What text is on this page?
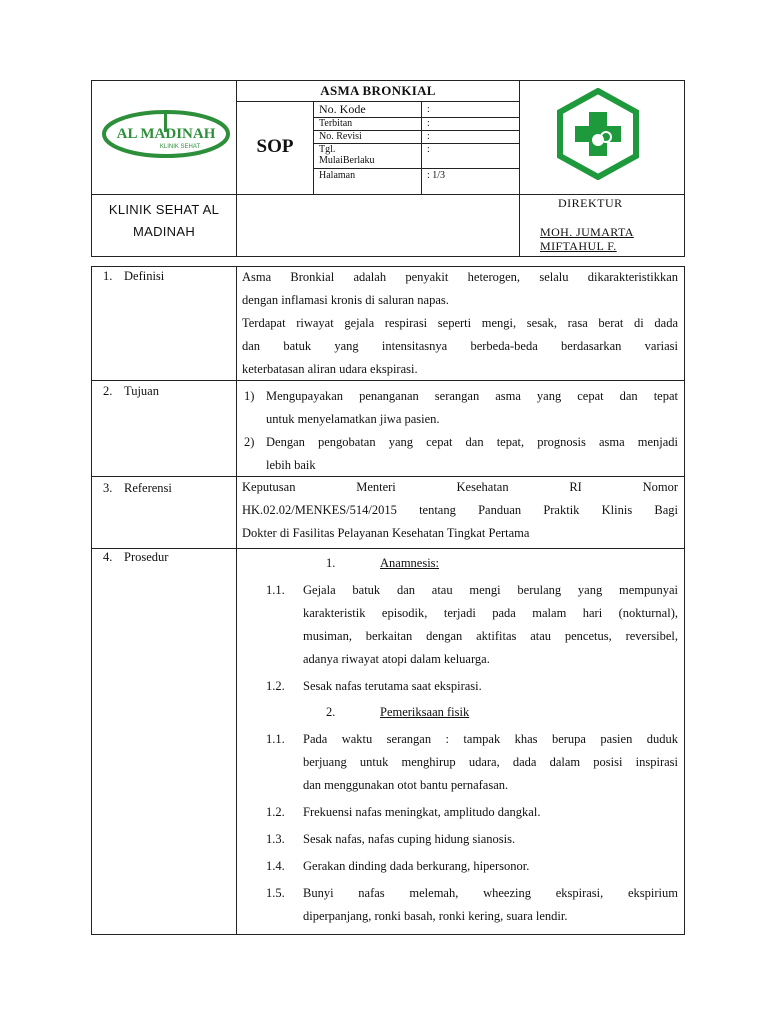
ASMA BRONKIAL
AL MADINAH
KLINIK SEHAT	SOP
No. Kode	:
Terbitan	:
No. Revisi	:
Tgl.	:
MulaiBerlaku
Halaman	: 1/3
KLINIK SEHAT AL
MADINAH
DIREKTUR
MOH. JUMARTA
MIFTAHUL F.
1. Definisi	Asma Bronkial adalah penyakit heterogen, selalu dikarakteristikkan
dengan inflamasi kronis di saluran napas.
Terdapat riwayat gejala respirasi seperti mengi, sesak, rasa berat di dada
dan batuk yang intensitasnya berbeda-beda berdasarkan variasi
keterbatasan aliran udara ekspirasi.
2. Tujuan	1) Mengupayakan penanganan serangan asma yang cepat dan tepat
untuk menyelamatkan jiwa pasien.
2) Dengan pengobatan yang cepat dan tepat, prognosis asma menjadi
lebih baik
3. Referensi	Keputusan Menteri Kesehatan RI Nomor
HK.02.02/MENKES/514/2015 tentang Panduan Praktik Klinis Bagi
Dokter di Fasilitas Pelayanan Kesehatan Tingkat Pertama
4. Prosedur	1.	Anamnesis:
1.1. Gejala batuk dan atau mengi berulang yang mempunyai
karakteristik episodik, terjadi pada malam hari (nokturnal),
musiman, berkaitan dengan aktifitas atau pencetus, reversibel,
adanya riwayat atopi dalam keluarga.
1.2. Sesak nafas terutama saat ekspirasi.
2.	Pemeriksaan fisik
1.1. Pada waktu serangan : tampak khas berupa pasien duduk
berjuang untuk menghirup udara, dada dalam posisi inspirasi
dan menggunakan otot bantu pernafasan.
1.2. Frekuensi nafas meningkat, amplitudo dangkal.
1.3. Sesak nafas, nafas cuping hidung sianosis.
1.4. Gerakan dinding dada berkurang, hipersonor.
1.5. Bunyi nafas melemah, wheezing ekspirasi, ekspirium
diperpanjang, ronki basah, ronki kering, suara lendir.
